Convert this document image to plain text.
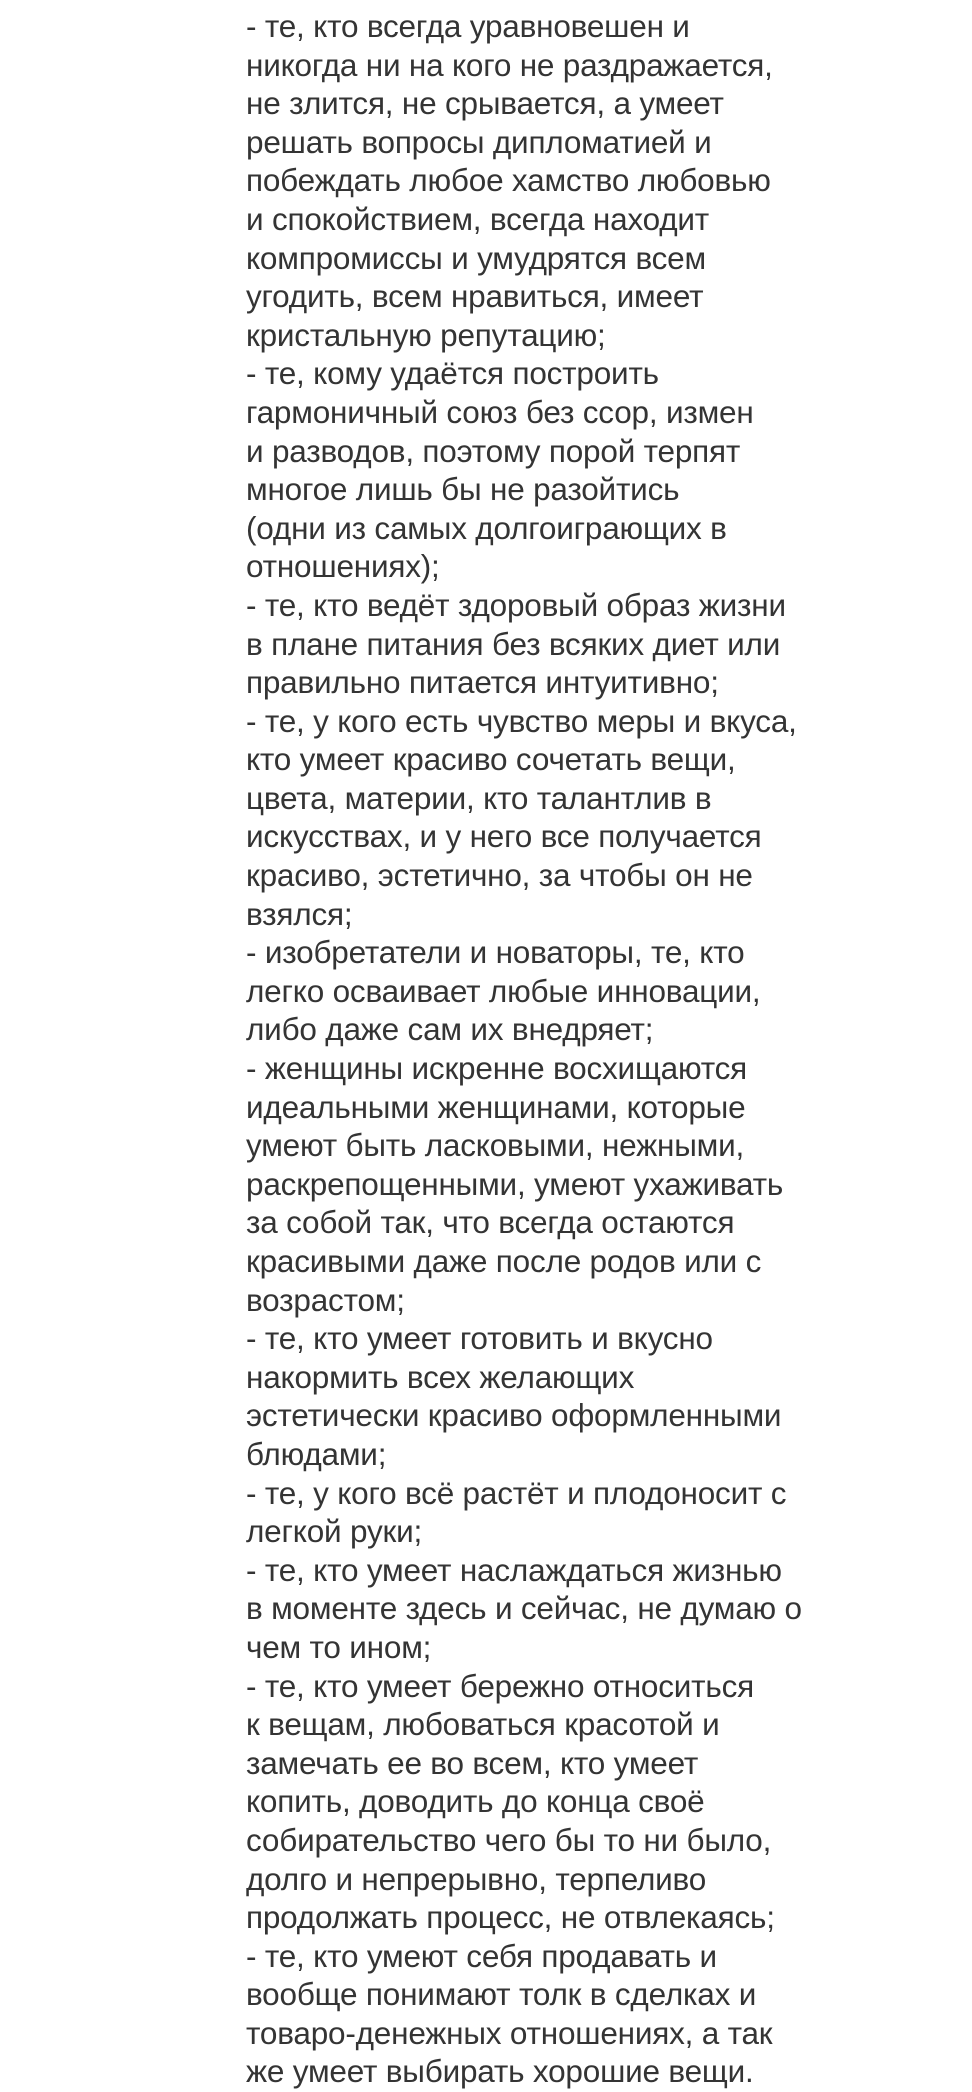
- те, кто всегда уравновешен и
никогда ни на кого не раздражается,
не злится, не срывается, а умеет
решать вопросы дипломатией и
побеждать любое хамство любовью
и спокойствием, всегда находит
компромиссы и умудрятся всем
угодить, всем нравиться, имеет
кристальную репутацию;
- те, кому удаётся построить
гармоничный союз без ссор, измен
и разводов, поэтому порой терпят
многое лишь бы не разойтись
(одни из самых долгоиграющих в
отношениях);
- те, кто ведёт здоровый образ жизни
в плане питания без всяких диет или
правильно питается интуитивно;
- те, у кого есть чувство меры и вкуса,
кто умеет красиво сочетать вещи,
цвета, материи, кто талантлив в
искусствах, и у него все получается
красиво, эстетично, за чтобы он не
взялся;
- изобретатели и новаторы, те, кто
легко осваивает любые инновации,
либо даже сам их внедряет;
- женщины искренне восхищаются
идеальными женщинами, которые
умеют быть ласковыми, нежными,
раскрепощенными, умеют ухаживать
за собой так, что всегда остаются
красивыми даже после родов или с
возрастом;
- те, кто умеет готовить и вкусно
накормить всех желающих
эстетически красиво оформленными
блюдами;
- те, у кого всё растёт и плодоносит с
легкой руки;
- те, кто умеет наслаждаться жизнью
в моменте здесь и сейчас, не думаю о
чем то ином;
- те, кто умеет бережно относиться
к вещам, любоваться красотой и
замечать ее во всем, кто умеет
копить, доводить до конца своё
собирательство чего бы то ни было,
долго и непрерывно, терпеливо
продолжать процесс, не отвлекаясь;
- те, кто умеют себя продавать и
вообще понимают толк в сделках и
товаро-денежных отношениях, а так
же умеет выбирать хорошие вещи.
